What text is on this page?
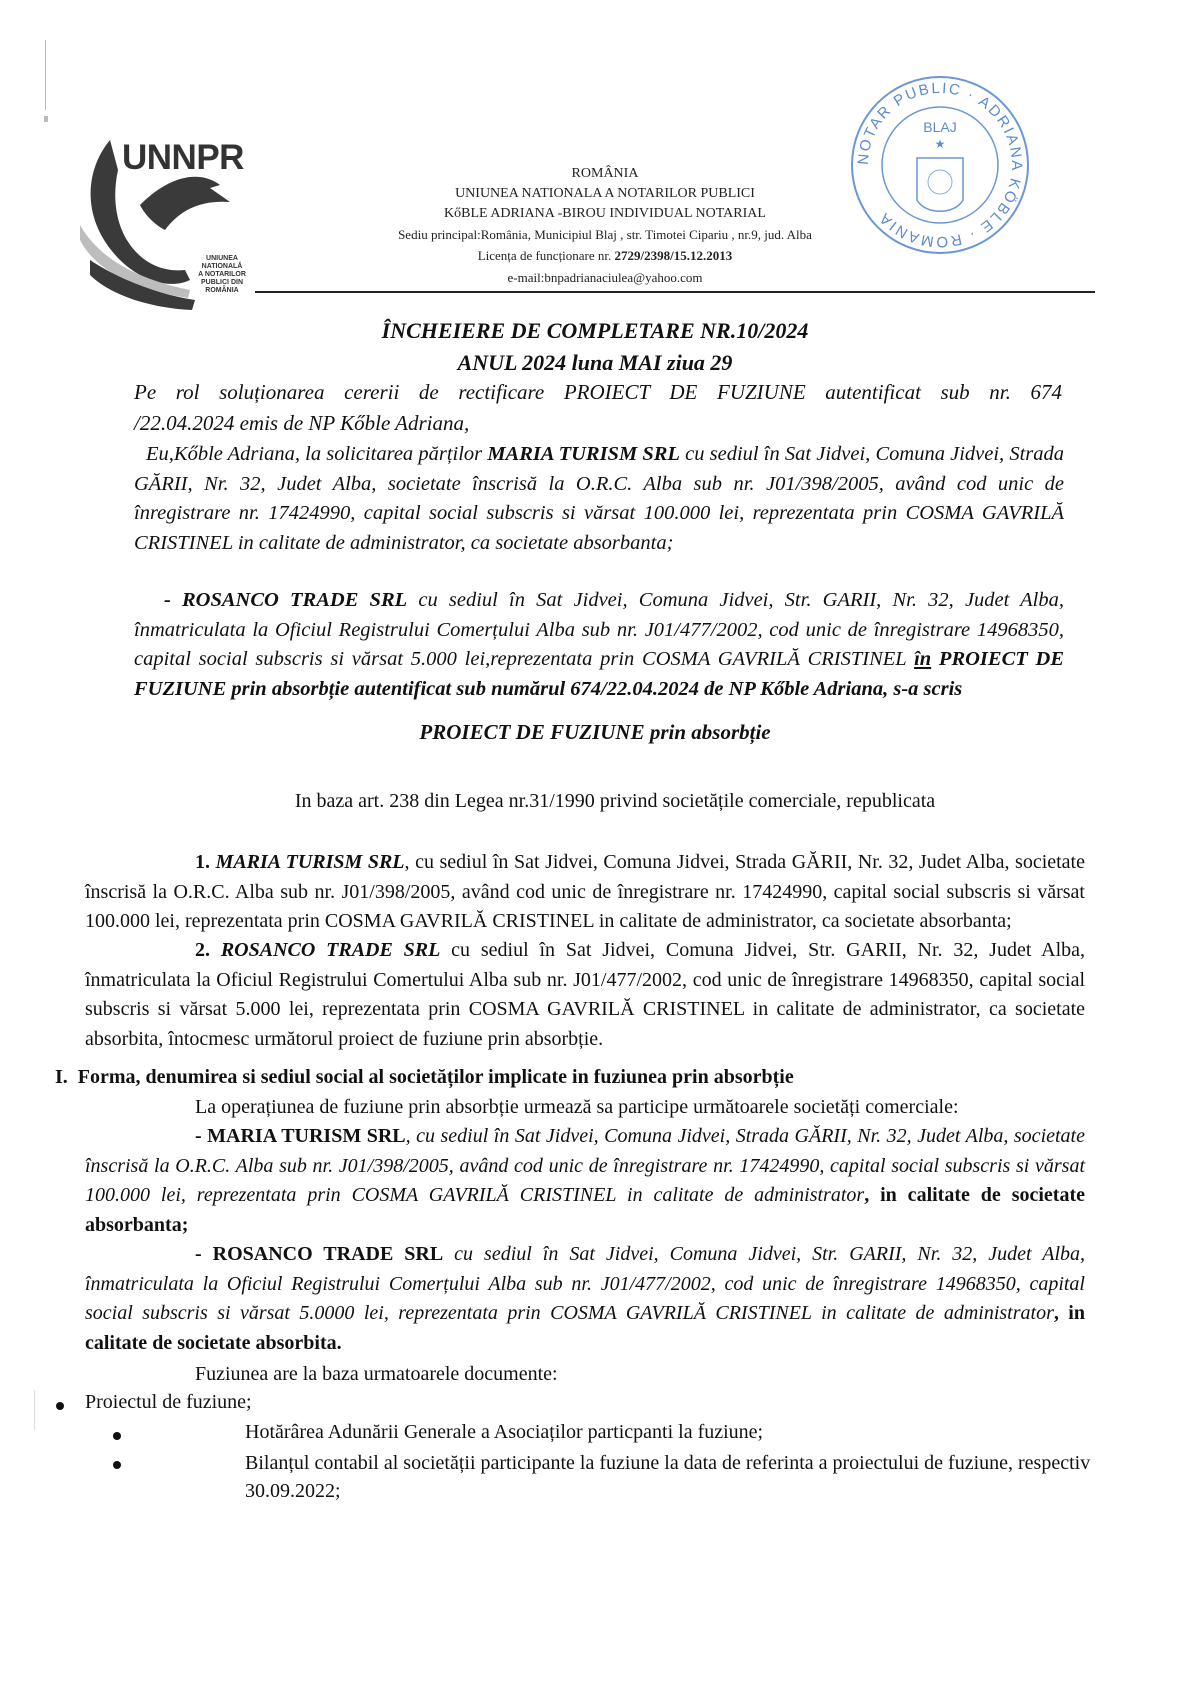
UNNPR
UNIUNEA
NATIONALĂ
A NOTARILOR
PUBLICI DIN
ROMÂNIA
ROMÂNIA
UNIUNEA NATIONALA A NOTARILOR PUBLICI
KőBLE ADRIANA -BIROU INDIVIDUAL NOTARIAL
Sediu principal:România, Municipiul Blaj , str. Timotei Cipariu , nr.9, jud. Alba
Licența de funcționare nr. 2729/2398/15.12.2013
e-mail:bnpadrianaciulea@yahoo.com
NOTAR PUBLIC · ADRIANA KÖBLE · ROMANIA
BLAJ
★
ÎNCHEIERE DE COMPLETARE NR.10/2024
ANUL 2024 luna MAI ziua 29
Pe rol soluționarea cererii de rectificare PROIECT DE FUZIUNE autentificat sub nr. 674
/22.04.2024 emis de NP Kőble Adriana,
Eu,Kőble Adriana, la solicitarea părților MARIA TURISM SRL cu sediul în Sat Jidvei, Comuna Jidvei, Strada GĂRII, Nr. 32, Judet Alba, societate înscrisă la O.R.C. Alba sub nr. J01/398/2005, având cod unic de înregistrare nr. 17424990, capital social subscris si vărsat 100.000 lei, reprezentata prin COSMA GAVRILĂ CRISTINEL in calitate de administrator, ca societate absorbanta;
- ROSANCO TRADE SRL cu sediul în Sat Jidvei, Comuna Jidvei, Str. GARII, Nr. 32, Judet Alba, înmatriculata la Oficiul Registrului Comerțului Alba sub nr. J01/477/2002, cod unic de înregistrare 14968350, capital social subscris si vărsat 5.000 lei,reprezentata prin COSMA GAVRILĂ CRISTINEL în PROIECT DE FUZIUNE prin absorbție autentificat sub numărul 674/22.04.2024 de NP Kőble Adriana, s-a scris
PROIECT DE FUZIUNE prin absorbție
In baza art. 238 din Legea nr.31/1990 privind societățile comerciale, republicata
1. MARIA TURISM SRL, cu sediul în Sat Jidvei, Comuna Jidvei, Strada GĂRII, Nr. 32, Judet Alba, societate înscrisă la O.R.C. Alba sub nr. J01/398/2005, având cod unic de înregistrare nr. 17424990, capital social subscris si vărsat 100.000 lei, reprezentata prin COSMA GAVRILĂ CRISTINEL in calitate de administrator, ca societate absorbanta;
2. ROSANCO TRADE SRL cu sediul în Sat Jidvei, Comuna Jidvei, Str. GARII, Nr. 32, Judet Alba, înmatriculata la Oficiul Registrului Comertului Alba sub nr. J01/477/2002, cod unic de înregistrare 14968350, capital social subscris si vărsat 5.000 lei, reprezentata prin COSMA GAVRILĂ CRISTINEL in calitate de administrator, ca societate absorbita, întocmesc următorul proiect de fuziune prin absorbție.
I. Forma, denumirea si sediul social al societăților implicate in fuziunea prin absorbție
La operațiunea de fuziune prin absorbție urmează sa participe următoarele societăți comerciale:
- MARIA TURISM SRL, cu sediul în Sat Jidvei, Comuna Jidvei, Strada GĂRII, Nr. 32, Judet Alba, societate înscrisă la O.R.C. Alba sub nr. J01/398/2005, având cod unic de înregistrare nr. 17424990, capital social subscris si vărsat 100.000 lei, reprezentata prin COSMA GAVRILĂ CRISTINEL in calitate de administrator, in calitate de societate absorbanta;
- ROSANCO TRADE SRL cu sediul în Sat Jidvei, Comuna Jidvei, Str. GARII, Nr. 32, Judet Alba, înmatriculata la Oficiul Registrului Comerțului Alba sub nr. J01/477/2002, cod unic de înregistrare 14968350, capital social subscris si vărsat 5.0000 lei, reprezentata prin COSMA GAVRILĂ CRISTINEL in calitate de administrator, in calitate de societate absorbita.
Fuziunea are la baza urmatoarele documente:
Proiectul de fuziune;
Hotărârea Adunării Generale a Asociaților particpanti la fuziune;
Bilanțul contabil al societății participante la fuziune la data de referinta a proiectului de fuziune, respectiv 30.09.2022;
